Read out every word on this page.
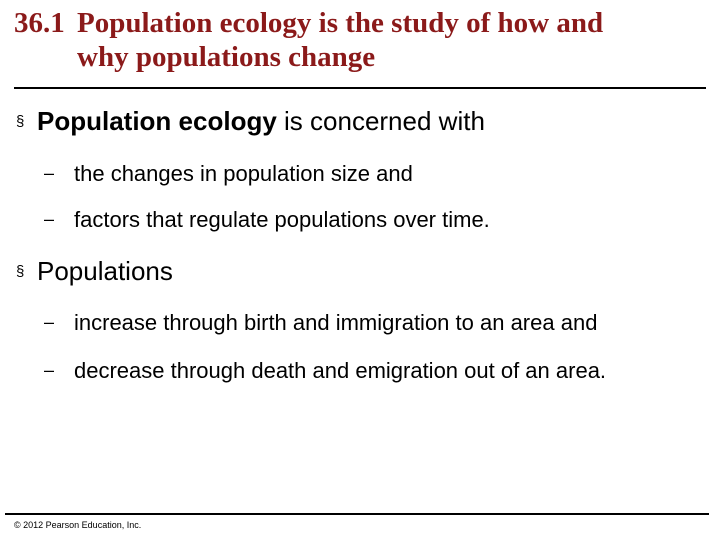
36.1 Population ecology is the study of how and
why populations change
§ Population ecology is concerned with
– the changes in population size and
– factors that regulate populations over time.
§ Populations
– increase through birth and immigration to an area and
– decrease through death and emigration out of an area.
© 2012 Pearson Education, Inc.
